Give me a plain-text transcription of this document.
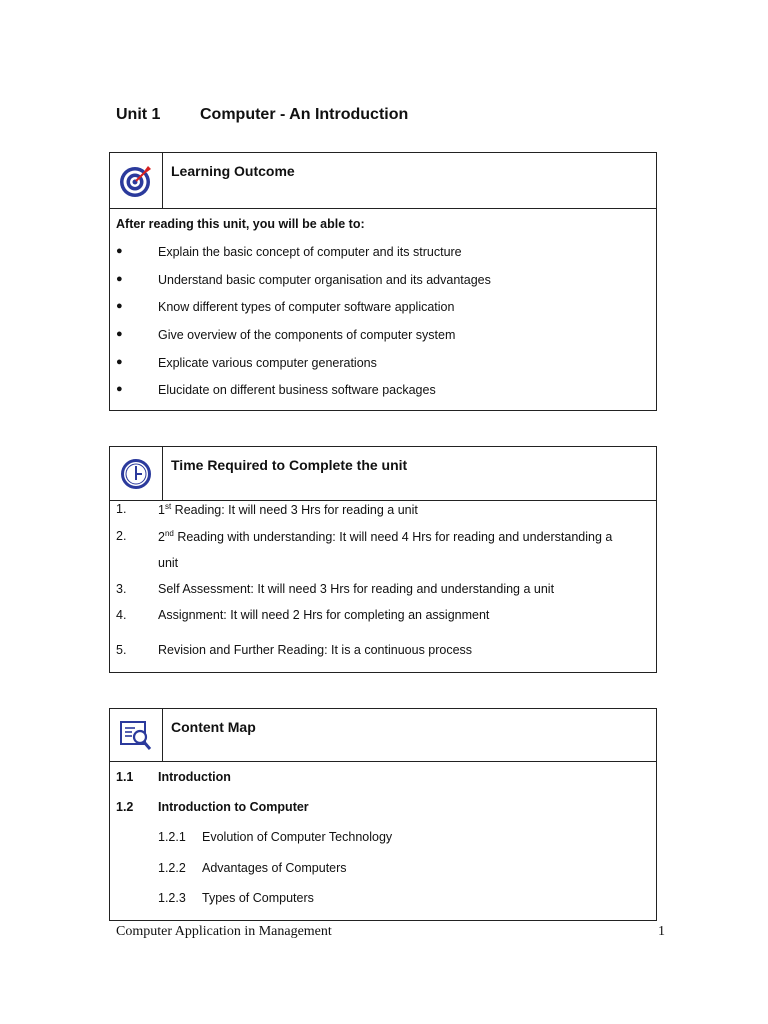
Unit 1 Computer - An Introduction
Learning Outcome
After reading this unit, you will be able to:
●	Explain the basic concept of computer and its structure
●	Understand basic computer organisation and its advantages
●	Know different types of computer software application
●	Give overview of the components of computer system
●	Explicate various computer generations
●	Elucidate on different business software packages
Time Required to Complete the unit
1.	1st Reading: It will need 3 Hrs for reading a unit
2.	2nd Reading with understanding: It will need 4 Hrs for reading and understanding a
unit
3.	Self Assessment: It will need 3 Hrs for reading and understanding a unit
4.	Assignment: It will need 2 Hrs for completing an assignment
5.	Revision and Further Reading: It is a continuous process
Content Map
1.1 Introduction
1.2 Introduction to Computer
1.2.1 Evolution of Computer Technology
1.2.2 Advantages of Computers
1.2.3 Types of Computers
Computer Application in Management	1
